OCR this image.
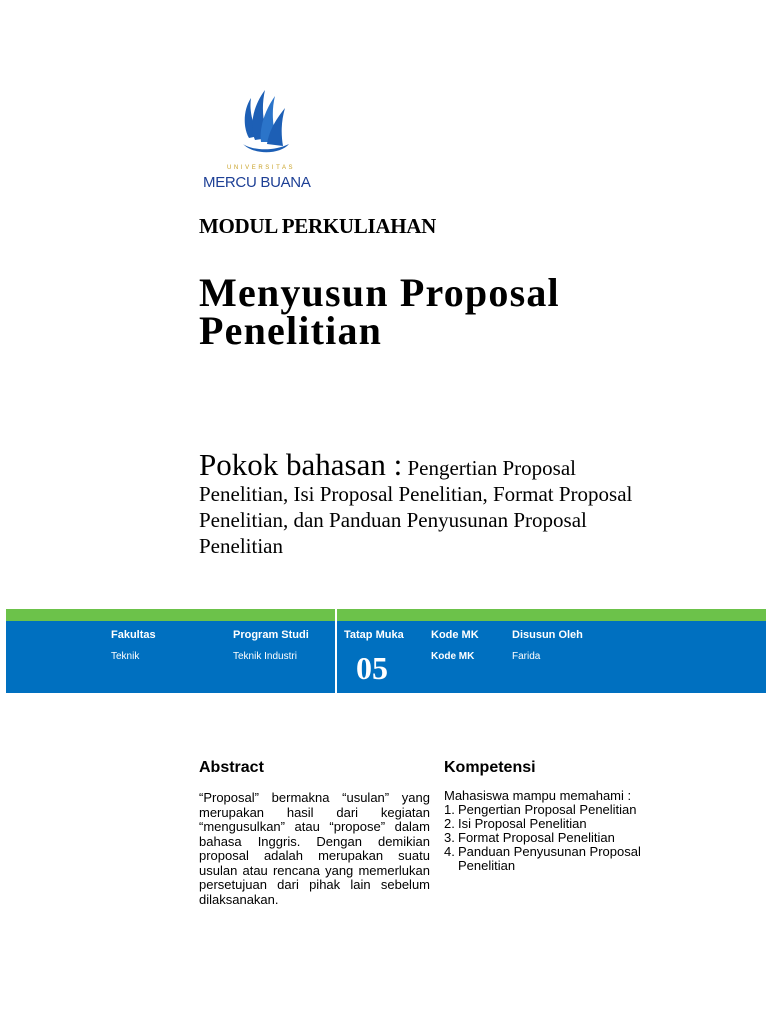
UNIVERSITAS
MERCU BUANA
MODUL PERKULIAHAN
Menyusun Proposal Penelitian
Pokok bahasan : Pengertian Proposal Penelitian, Isi Proposal Penelitian, Format Proposal Penelitian, dan Panduan Penyusunan Proposal Penelitian
Fakultas
Teknik
Program Studi
Teknik Industri
Tatap Muka
05
Kode MK
Kode MK
Disusun Oleh
Farida
Abstract
“Proposal” bermakna “usulan” yang merupakan hasil dari kegiatan “mengusulkan” atau “propose” dalam bahasa Inggris. Dengan demikian proposal adalah merupakan suatu usulan atau rencana yang memerlukan persetujuan dari pihak lain sebelum dilaksanakan.
Kompetensi
Mahasiswa mampu memahami :
1. Pengertian Proposal Penelitian
2. Isi Proposal Penelitian
3. Format Proposal Penelitian
4. Panduan Penyusunan Proposal Penelitian
